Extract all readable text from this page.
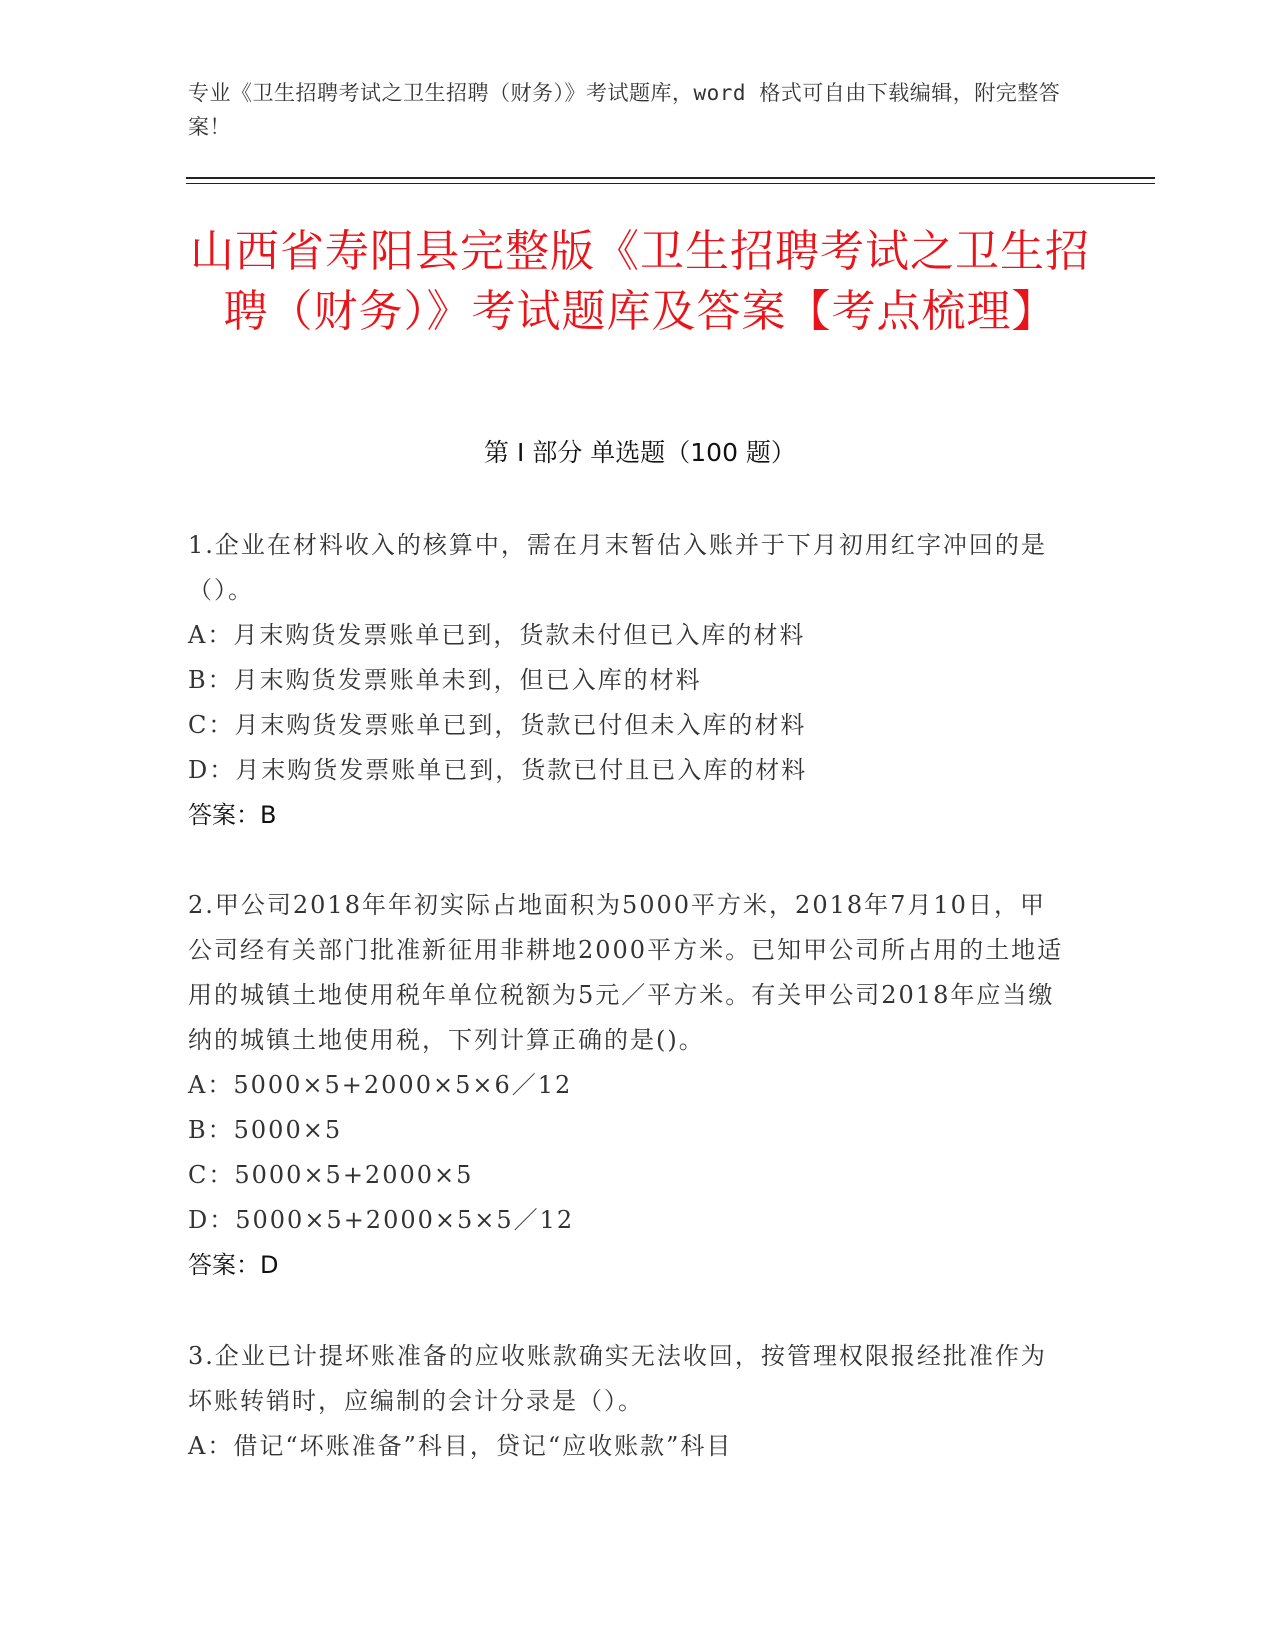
专业《卫生招聘考试之卫生招聘（财务）》考试题库，word 格式可自由下载编辑，附完整答案！
山西省寿阳县完整版《卫生招聘考试之卫生招聘（财务）》考试题库及答案【考点梳理】
第 I 部分 单选题（100 题）

1.企业在材料收入的核算中，需在月末暂估入账并于下月初用红字冲回的是（）。

A：月末购货发票账单已到，货款未付但已入库的材料

B：月末购货发票账单未到，但已入库的材料

C：月末购货发票账单已到，货款已付但未入库的材料

D：月末购货发票账单已到，货款已付且已入库的材料

答案：B

2.甲公司2018年年初实际占地面积为5000平方米，2018年7月10日，甲公司经有关部门批准新征用非耕地2000平方米。已知甲公司所占用的土地适用的城镇土地使用税年单位税额为5元／平方米。有关甲公司2018年应当缴纳的城镇土地使用税，下列计算正确的是()。

A：5000×5+2000×5×6／12

B：5000×5

C：5000×5+2000×5

D：5000×5+2000×5×5／12

答案：D

3.企业已计提坏账准备的应收账款确实无法收回，按管理权限报经批准作为坏账转销时，应编制的会计分录是（）。

A：借记“坏账准备”科目，贷记“应收账款”科目
